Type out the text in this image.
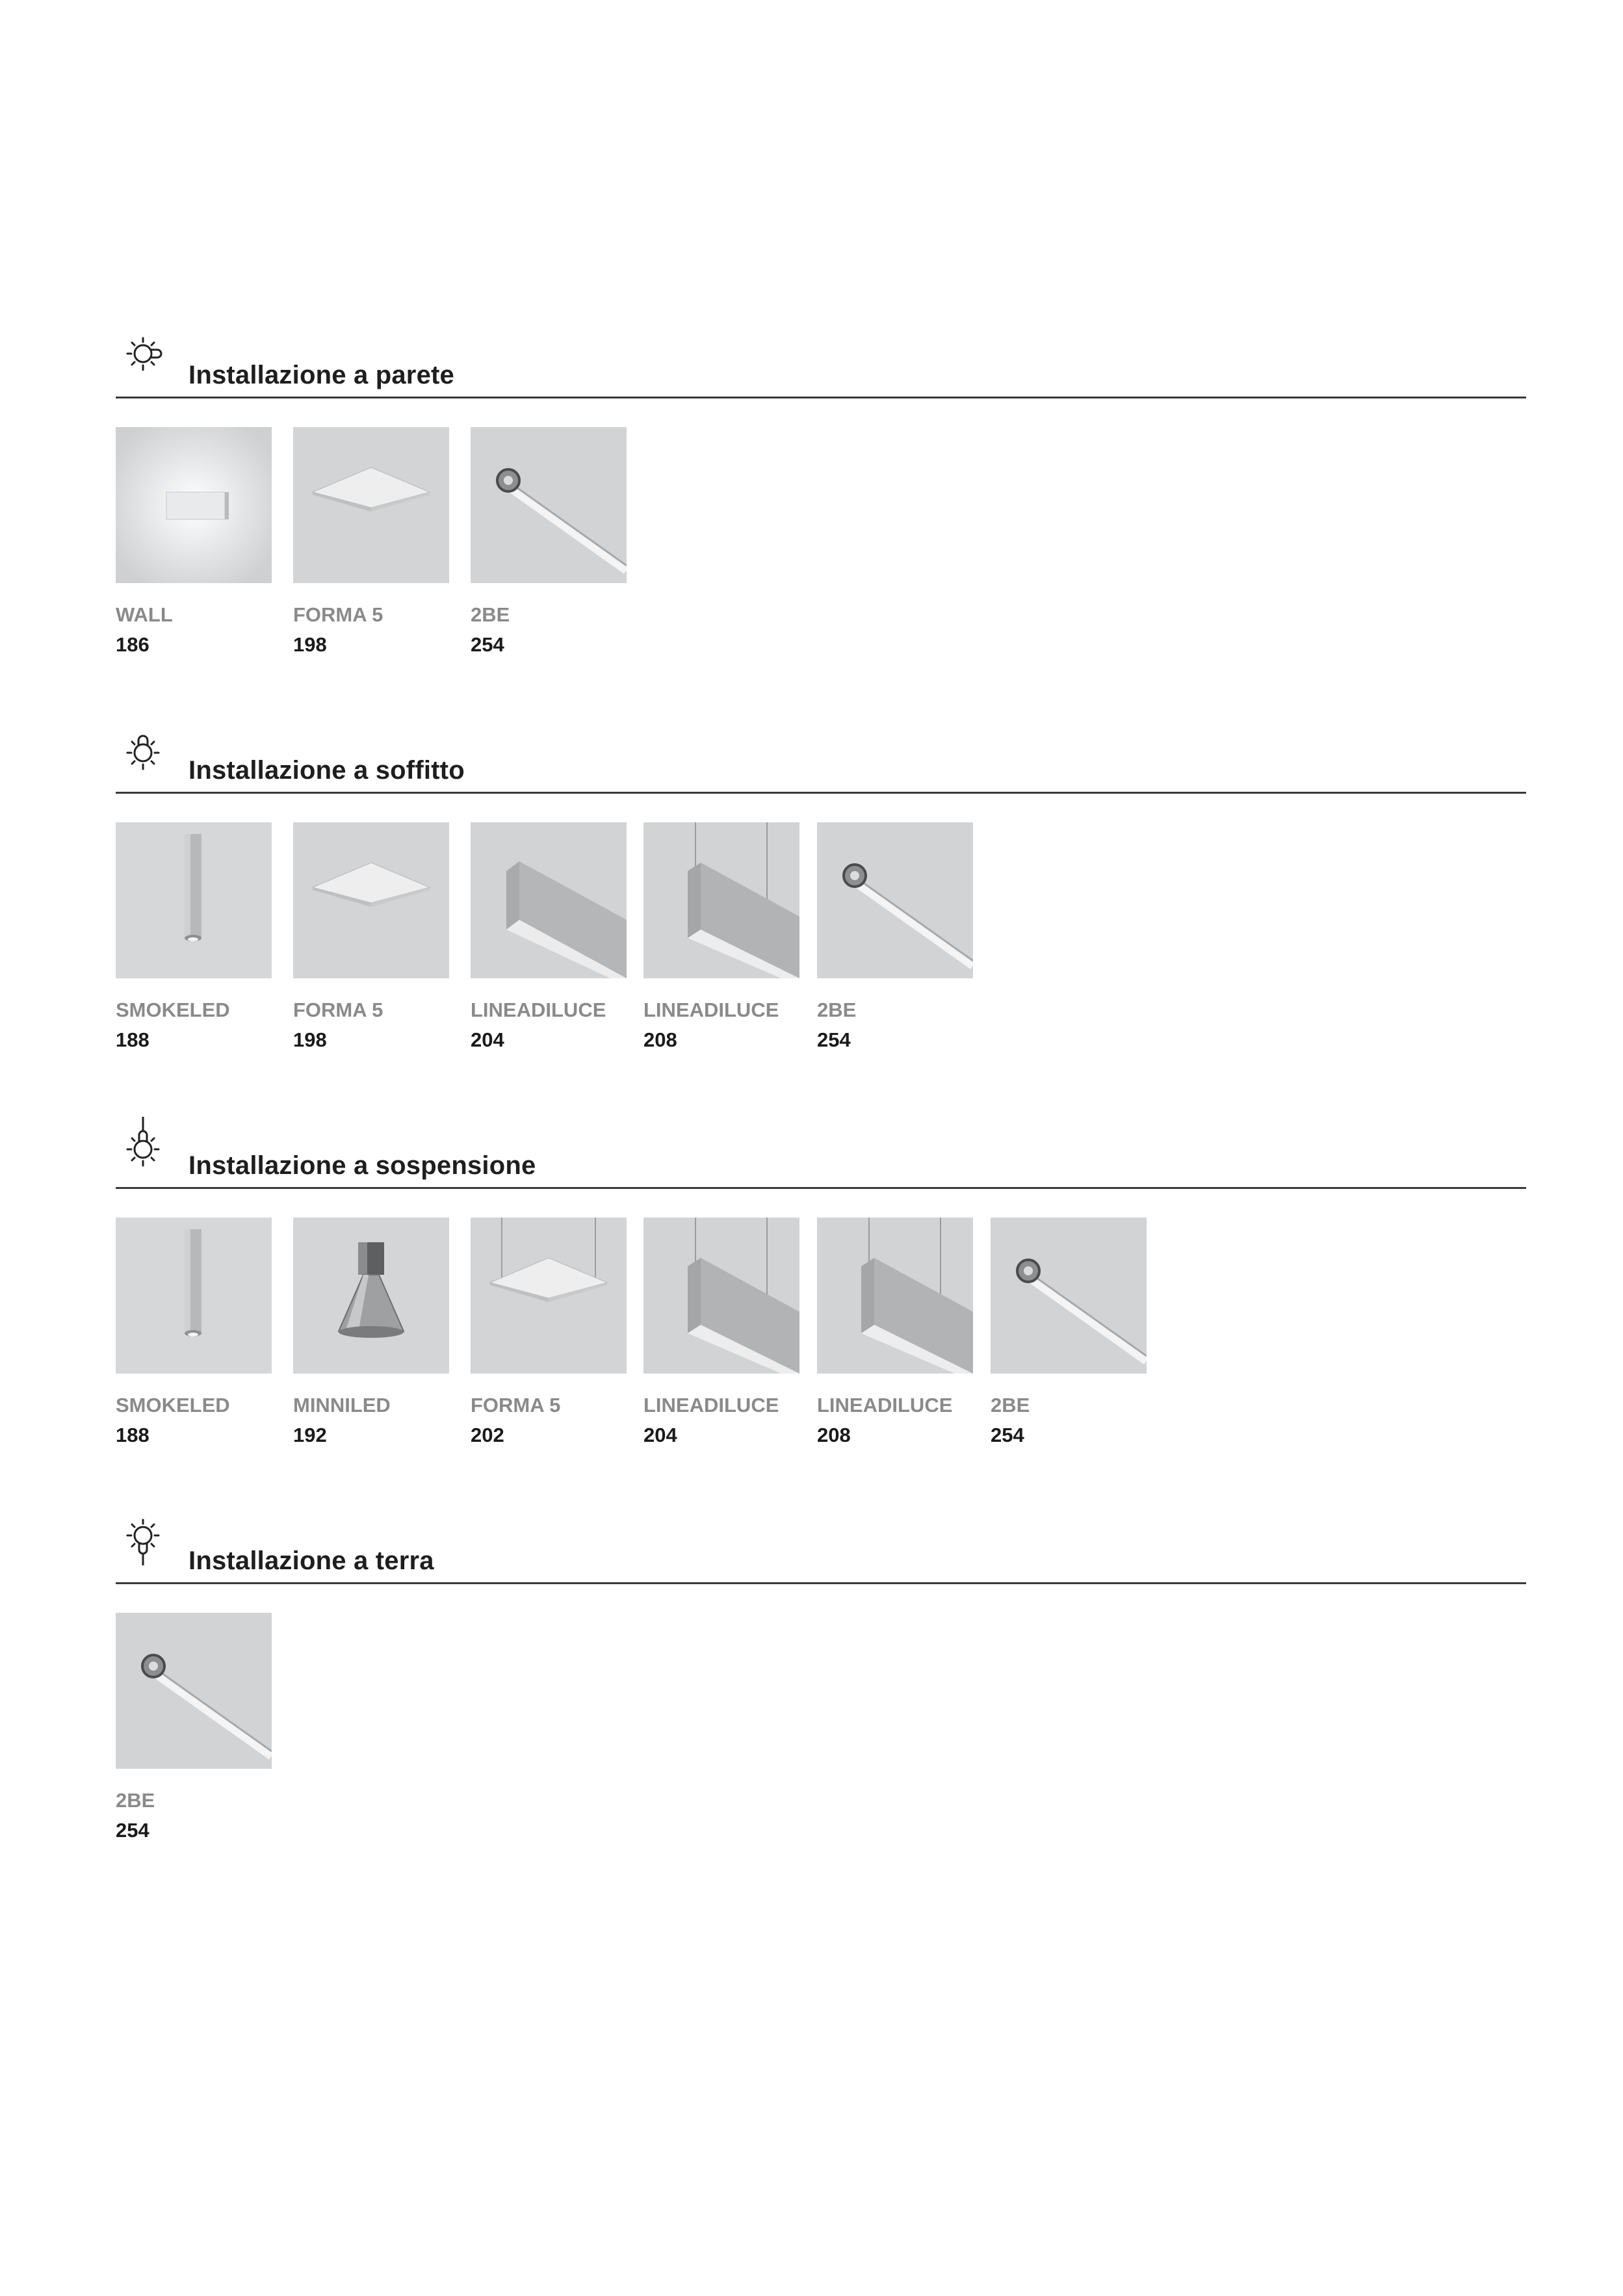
Installazione a parete
WALL
186
FORMA 5
198
2BE
254
Installazione a soffitto
SMOKELED
188
FORMA 5
198
LINEADILUCE
204
LINEADILUCE
208
2BE
254
Installazione a sospensione
SMOKELED
188
MINNILED
192
FORMA 5
202
LINEADILUCE
204
LINEADILUCE
208
2BE
254
Installazione a terra
2BE
254
